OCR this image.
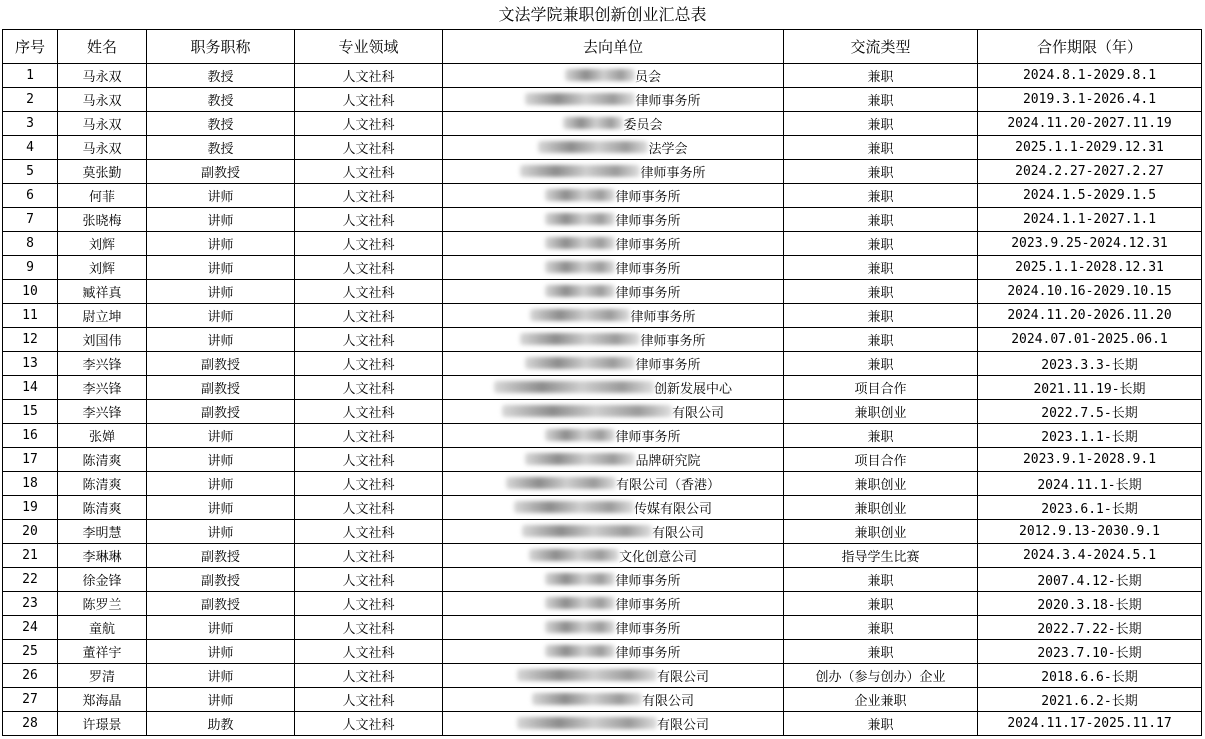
文法学院兼职创新创业汇总表
序号	姓名	职务职称	专业领域	去向单位	交流类型	合作期限（年）
1	马永双	教授	人文社科	员会	兼职	2024.8.1-2029.8.1
2	马永双	教授	人文社科	律师事务所	兼职	2019.3.1-2026.4.1
3	马永双	教授	人文社科	委员会	兼职	2024.11.20-2027.11.19
4	马永双	教授	人文社科	法学会	兼职	2025.1.1-2029.12.31
5	莫张勤	副教授	人文社科	律师事务所	兼职	2024.2.27-2027.2.27
6	何菲	讲师	人文社科	律师事务所	兼职	2024.1.5-2029.1.5
7	张晓梅	讲师	人文社科	律师事务所	兼职	2024.1.1-2027.1.1
8	刘辉	讲师	人文社科	律师事务所	兼职	2023.9.25-2024.12.31
9	刘辉	讲师	人文社科	律师事务所	兼职	2025.1.1-2028.12.31
10	臧祥真	讲师	人文社科	律师事务所	兼职	2024.10.16-2029.10.15
11	尉立坤	讲师	人文社科	律师事务所	兼职	2024.11.20-2026.11.20
12	刘国伟	讲师	人文社科	律师事务所	兼职	2024.07.01-2025.06.1
13	李兴锋	副教授	人文社科	律师事务所	兼职	2023.3.3-长期
14	李兴锋	副教授	人文社科	创新发展中心	项目合作	2021.11.19-长期
15	李兴锋	副教授	人文社科	有限公司	兼职创业	2022.7.5-长期
16	张婵	讲师	人文社科	律师事务所	兼职	2023.1.1-长期
17	陈清爽	讲师	人文社科	品牌研究院	项目合作	2023.9.1-2028.9.1
18	陈清爽	讲师	人文社科	有限公司（香港）	兼职创业	2024.11.1-长期
19	陈清爽	讲师	人文社科	传媒有限公司	兼职创业	2023.6.1-长期
20	李明慧	讲师	人文社科	有限公司	兼职创业	2012.9.13-2030.9.1
21	李琳琳	副教授	人文社科	文化创意公司	指导学生比赛	2024.3.4-2024.5.1
22	徐金锋	副教授	人文社科	律师事务所	兼职	2007.4.12-长期
23	陈罗兰	副教授	人文社科	律师事务所	兼职	2020.3.18-长期
24	童航	讲师	人文社科	律师事务所	兼职	2022.7.22-长期
25	董祥宇	讲师	人文社科	律师事务所	兼职	2023.7.10-长期
26	罗清	讲师	人文社科	有限公司	创办（参与创办）企业	2018.6.6-长期
27	郑海晶	讲师	人文社科	有限公司	企业兼职	2021.6.2-长期
28	许璟景	助教	人文社科	有限公司	兼职	2024.11.17-2025.11.17
